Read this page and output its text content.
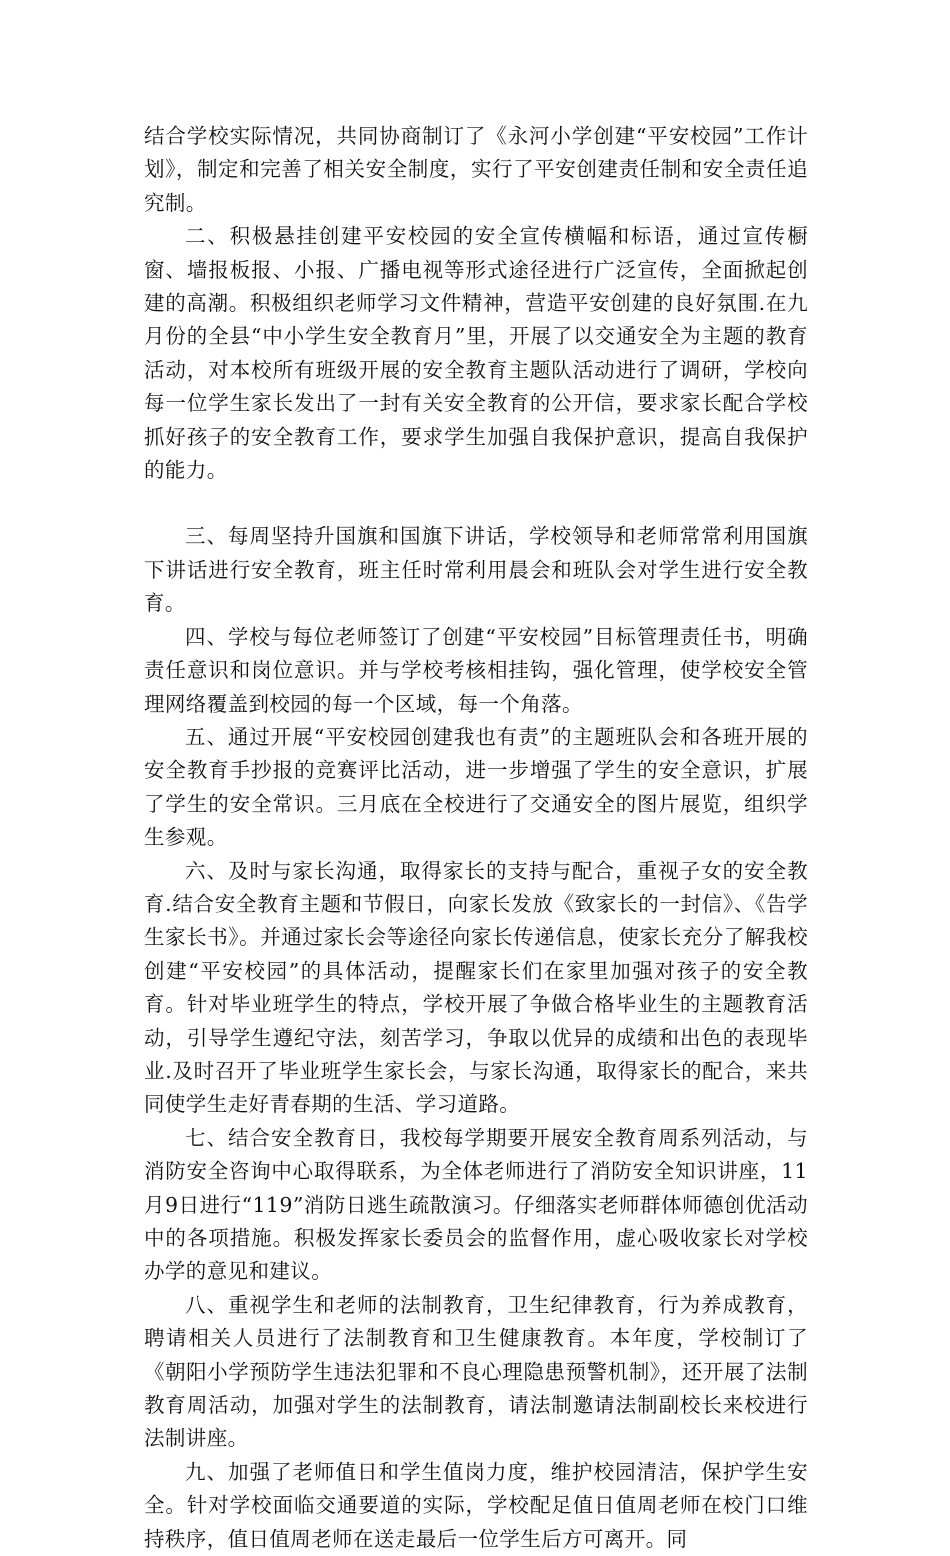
结合学校实际情况，共同协商制订了《永河小学创建“平安校园”工作计划》，制定和完善了相关安全制度，实行了平安创建责任制和安全责任追究制。

二、积极悬挂创建平安校园的安全宣传横幅和标语，通过宣传橱窗、墙报板报、小报、广播电视等形式途径进行广泛宣传，全面掀起创建的高潮。积极组织老师学习文件精神，营造平安创建的良好氛围.在九月份的全县“中小学生安全教育月”里，开展了以交通安全为主题的教育活动，对本校所有班级开展的安全教育主题队活动进行了调研，学校向每一位学生家长发出了一封有关安全教育的公开信，要求家长配合学校抓好孩子的安全教育工作，要求学生加强自我保护意识，提高自我保护的能力。

三、每周坚持升国旗和国旗下讲话，学校领导和老师常常利用国旗下讲话进行安全教育，班主任时常利用晨会和班队会对学生进行安全教育。

四、学校与每位老师签订了创建“平安校园”目标管理责任书，明确责任意识和岗位意识。并与学校考核相挂钩，强化管理，使学校安全管理网络覆盖到校园的每一个区域，每一个角落。

五、通过开展“平安校园创建我也有责”的主题班队会和各班开展的安全教育手抄报的竞赛评比活动，进一步增强了学生的安全意识，扩展了学生的安全常识。三月底在全校进行了交通安全的图片展览，组织学生参观。

六、及时与家长沟通，取得家长的支持与配合，重视子女的安全教育.结合安全教育主题和节假日，向家长发放《致家长的一封信》、《告学生家长书》。并通过家长会等途径向家长传递信息，使家长充分了解我校创建“平安校园”的具体活动，提醒家长们在家里加强对孩子的安全教育。针对毕业班学生的特点，学校开展了争做合格毕业生的主题教育活动，引导学生遵纪守法，刻苦学习，争取以优异的成绩和出色的表现毕业.及时召开了毕业班学生家长会，与家长沟通，取得家长的配合，来共同使学生走好青春期的生活、学习道路。

七、结合安全教育日，我校每学期要开展安全教育周系列活动，与消防安全咨询中心取得联系，为全体老师进行了消防安全知识讲座，11月9日进行“119”消防日逃生疏散演习。仔细落实老师群体师德创优活动中的各项措施。积极发挥家长委员会的监督作用，虚心吸收家长对学校办学的意见和建议。

八、重视学生和老师的法制教育，卫生纪律教育，行为养成教育，聘请相关人员进行了法制教育和卫生健康教育。本年度，学校制订了《朝阳小学预防学生违法犯罪和不良心理隐患预警机制》，还开展了法制教育周活动，加强对学生的法制教育，请法制邀请法制副校长来校进行法制讲座。

九、加强了老师值日和学生值岗力度，维护校园清洁，保护学生安全。针对学校面临交通要道的实际，学校配足值日值周老师在校门口维持秩序，值日值周老师在送走最后一位学生后方可离开。同
